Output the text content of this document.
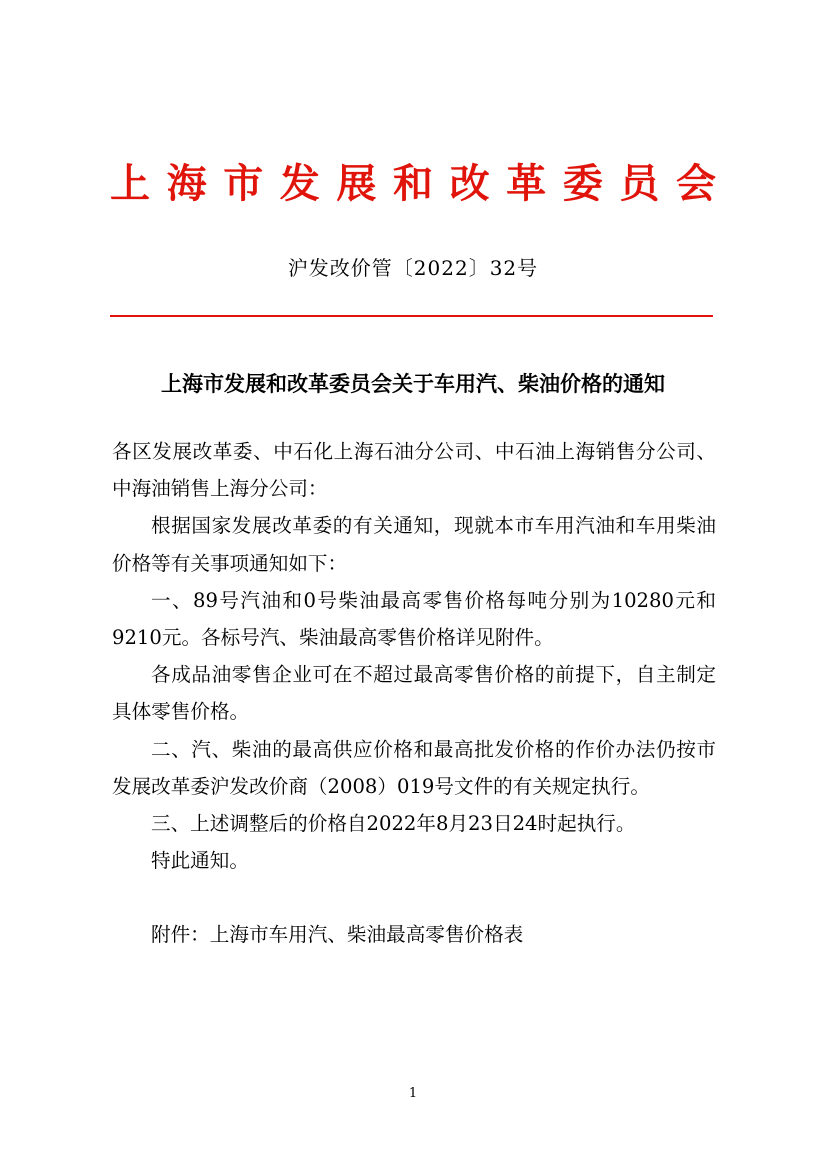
上 海 市 发 展 和 改 革 委 员 会
沪发改价管〔2022〕32号
上海市发展和改革委员会关于车用汽、柴油价格的通知

各区发展改革委、中石化上海石油分公司、中石油上海销售分公司、中海油销售上海分公司：

根据国家发展改革委的有关通知，现就本市车用汽油和车用柴油价格等有关事项通知如下：

一、89号汽油和0号柴油最高零售价格每吨分别为10280元和9210元。各标号汽、柴油最高零售价格详见附件。

各成品油零售企业可在不超过最高零售价格的前提下，自主制定具体零售价格。

二、汽、柴油的最高供应价格和最高批发价格的作价办法仍按市发展改革委沪发改价商（2008）019号文件的有关规定执行。

三、上述调整后的价格自2022年8月23日24时起执行。

特此通知。

附件：上海市车用汽、柴油最高零售价格表

1
